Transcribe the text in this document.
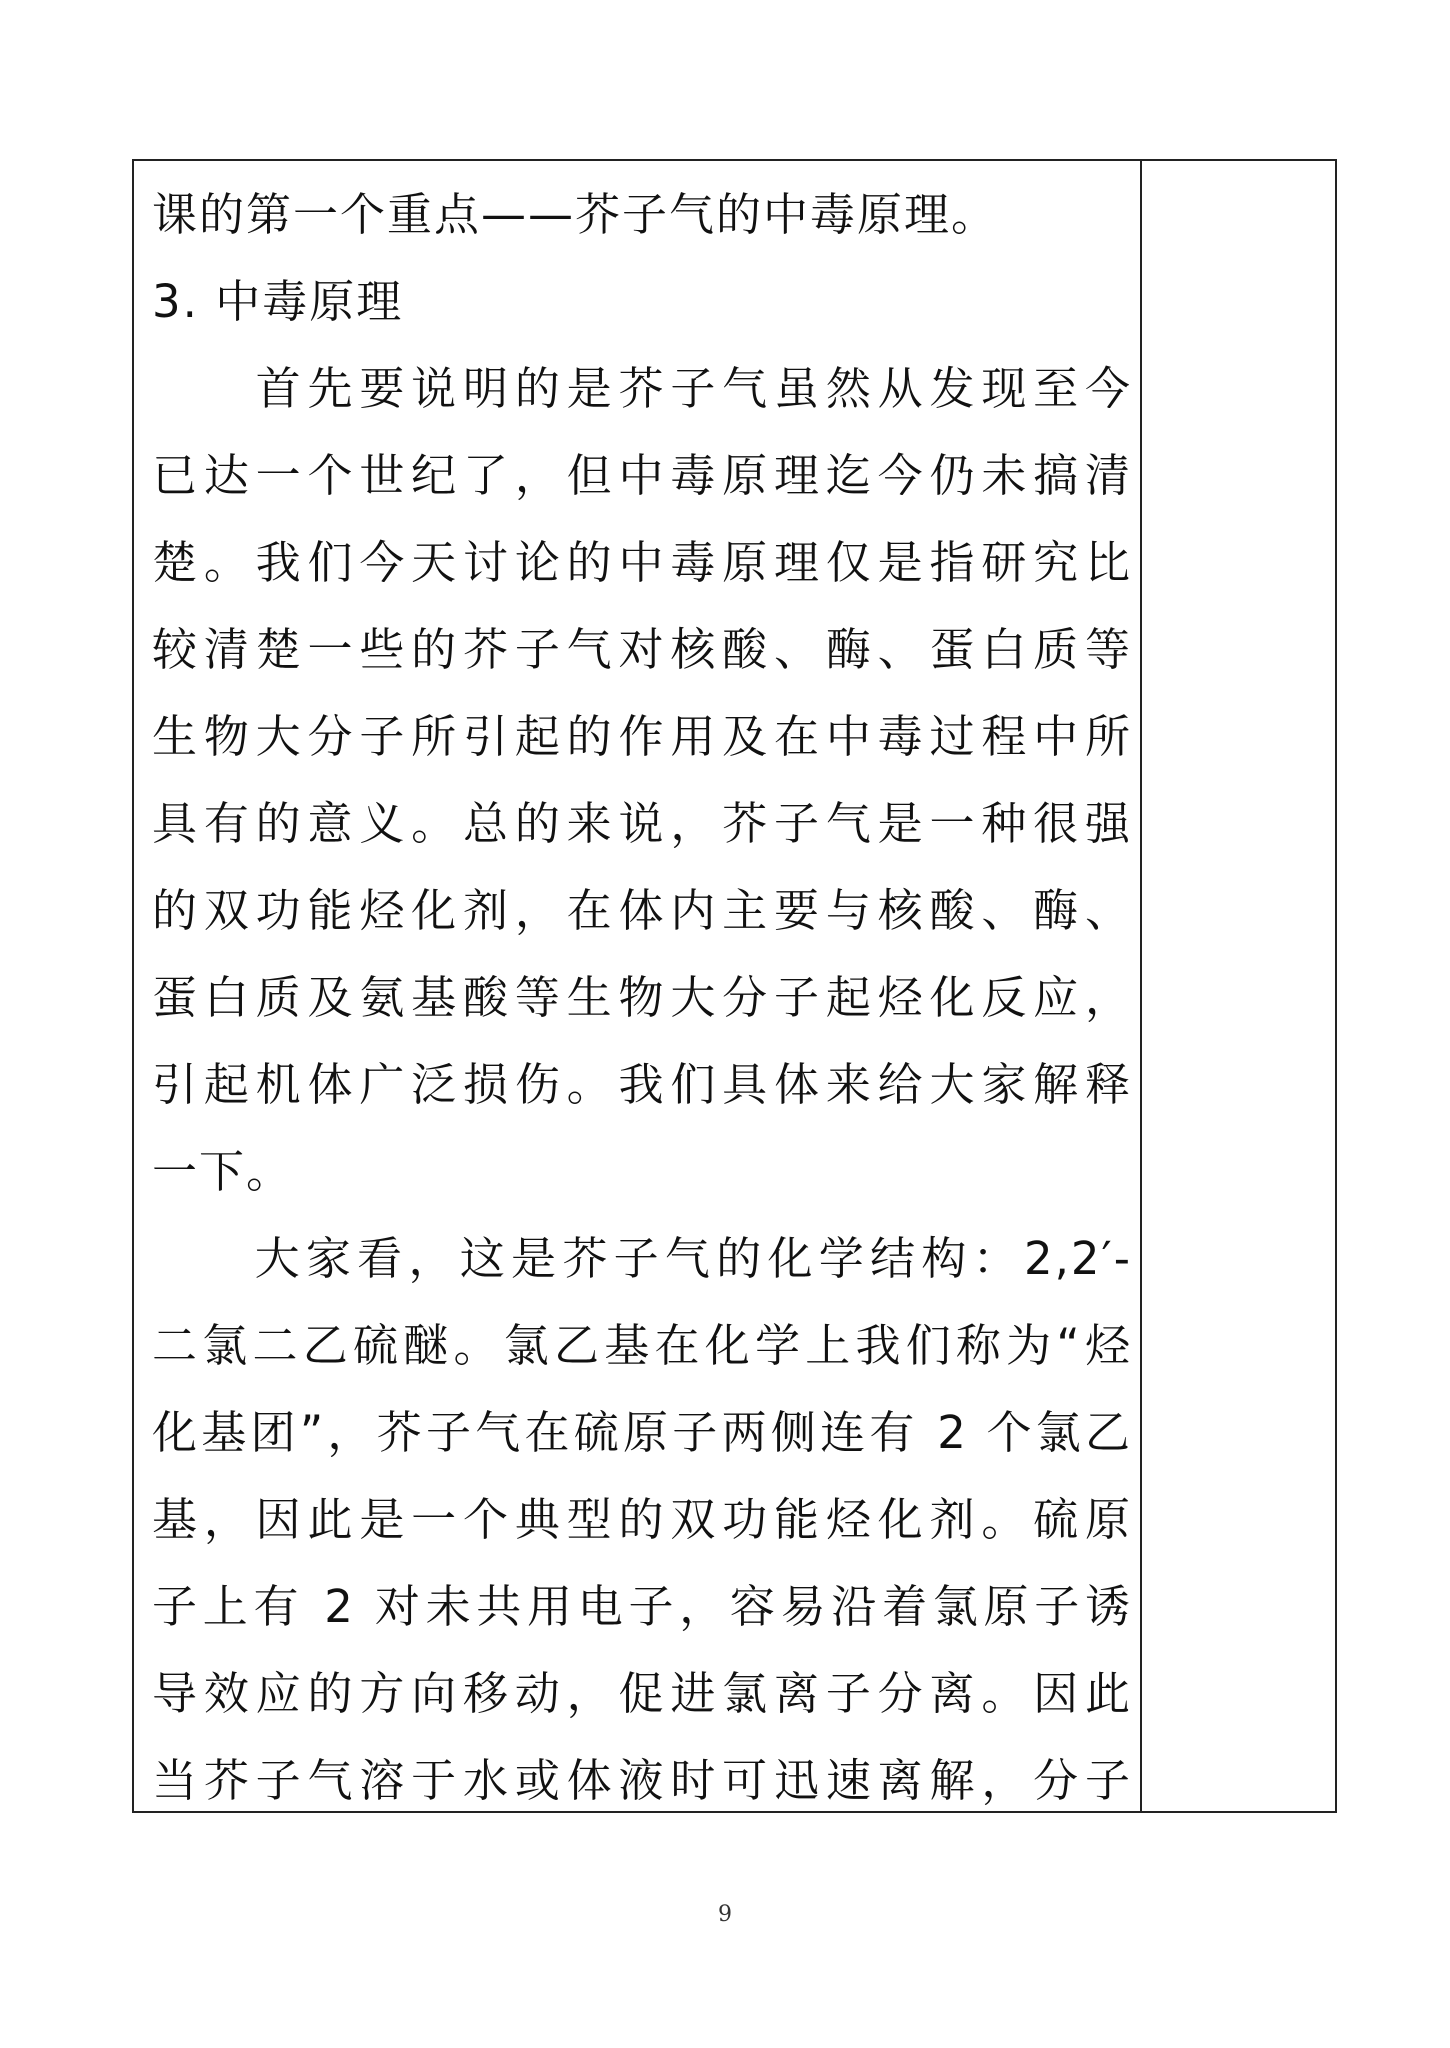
课的第一个重点——芥子气的中毒原理。
3. 中毒原理
　　首先要说明的是芥子气虽然从发现至今
已达一个世纪了，但中毒原理迄今仍未搞清
楚。我们今天讨论的中毒原理仅是指研究比
较清楚一些的芥子气对核酸、酶、蛋白质等
生物大分子所引起的作用及在中毒过程中所
具有的意义。总的来说，芥子气是一种很强
的双功能烃化剂，在体内主要与核酸、酶、
蛋白质及氨基酸等生物大分子起烃化反应，
引起机体广泛损伤。我们具体来给大家解释
一下。
　　大家看，这是芥子气的化学结构：2,2′-
二氯二乙硫醚。氯乙基在化学上我们称为“烃
化基团”，芥子气在硫原子两侧连有 2 个氯乙
基，因此是一个典型的双功能烃化剂。硫原
子上有 2 对未共用电子，容易沿着氯原子诱
导效应的方向移动，促进氯离子分离。因此
当芥子气溶于水或体液时可迅速离解，分子
9
